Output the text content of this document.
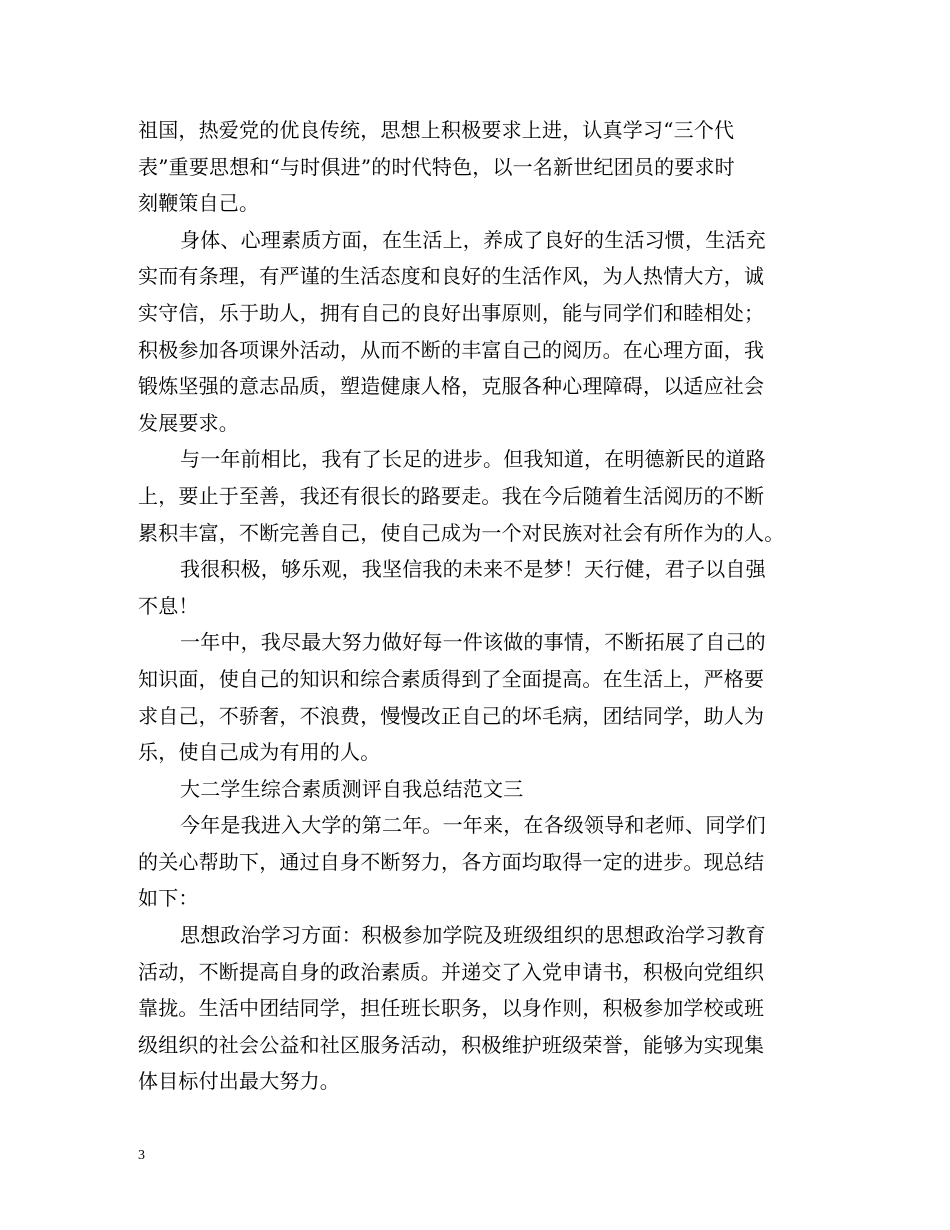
祖国，热爱党的优良传统，思想上积极要求上进，认真学习“三个代
表”重要思想和“与时俱进”的时代特色，以一名新世纪团员的要求时
刻鞭策自己。
身体、心理素质方面，在生活上，养成了良好的生活习惯，生活充
实而有条理，有严谨的生活态度和良好的生活作风，为人热情大方，诚
实守信，乐于助人，拥有自己的良好出事原则，能与同学们和睦相处；
积极参加各项课外活动，从而不断的丰富自己的阅历。在心理方面，我
锻炼坚强的意志品质，塑造健康人格，克服各种心理障碍，以适应社会
发展要求。
与一年前相比，我有了长足的进步。但我知道，在明德新民的道路
上，要止于至善，我还有很长的路要走。我在今后随着生活阅历的不断
累积丰富，不断完善自己，使自己成为一个对民族对社会有所作为的人。
我很积极，够乐观，我坚信我的未来不是梦！天行健，君子以自强
不息！
一年中，我尽最大努力做好每一件该做的事情，不断拓展了自己的
知识面，使自己的知识和综合素质得到了全面提高。在生活上，严格要
求自己，不骄奢，不浪费，慢慢改正自己的坏毛病，团结同学，助人为
乐，使自己成为有用的人。
大二学生综合素质测评自我总结范文三
今年是我进入大学的第二年。一年来，在各级领导和老师、同学们
的关心帮助下，通过自身不断努力，各方面均取得一定的进步。现总结
如下：
思想政治学习方面：积极参加学院及班级组织的思想政治学习教育
活动，不断提高自身的政治素质。并递交了入党申请书，积极向党组织
靠拢。生活中团结同学，担任班长职务，以身作则，积极参加学校或班
级组织的社会公益和社区服务活动，积极维护班级荣誉，能够为实现集
体目标付出最大努力。
3
